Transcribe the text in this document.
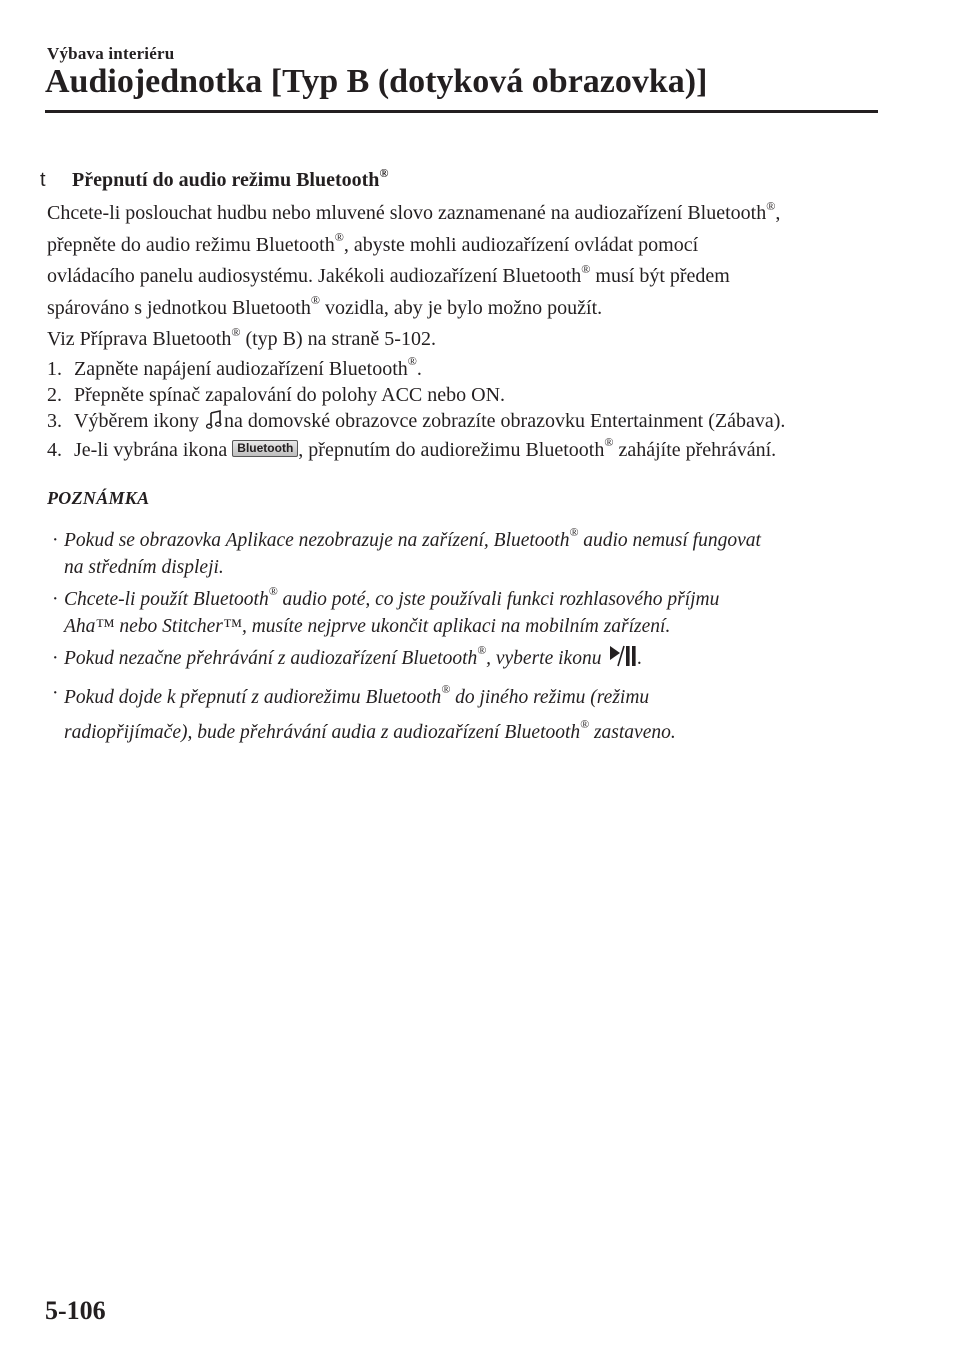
Výbava interiéru
Audiojednotka [Typ B (dotyková obrazovka)]
t Přepnutí do audio režimu Bluetooth®

Chcete-li poslouchat hudbu nebo mluvené slovo zaznamenané na audiozařízení Bluetooth®,

přepněte do audio režimu Bluetooth®, abyste mohli audiozařízení ovládat pomocí

ovládacího panelu audiosystému. Jakékoli audiozařízení Bluetooth® musí být předem

spárováno s jednotkou Bluetooth® vozidla, aby je bylo možno použít.

Viz Příprava Bluetooth® (typ B) na straně 5-102.

1. Zapněte napájení audiozařízení Bluetooth®.
2. Přepněte spínač zapalování do polohy ACC nebo ON.
3. Výběrem ikony na domovské obrazovce zobrazíte obrazovku Entertainment (Zábava).
4. Je-li vybrána ikona Bluetooth , přepnutím do audiorežimu Bluetooth® zahájíte přehrávání.
POZNÁMKA
· Pokud se obrazovka Aplikace nezobrazuje na zařízení, Bluetooth® audio nemusí fungovat

na středním displeji.

· Chcete-li použít Bluetooth® audio poté, co jste používali funkci rozhlasového příjmu

Aha™ nebo Stitcher™, musíte nejprve ukončit aplikaci na mobilním zařízení.

· Pokud nezačne přehrávání z audiozařízení Bluetooth®, vyberte ikonu .

· Pokud dojde k přepnutí z audiorežimu Bluetooth® do jiného režimu (režimu

radiopřijímače), bude přehrávání audia z audiozařízení Bluetooth® zastaveno.

5-106
